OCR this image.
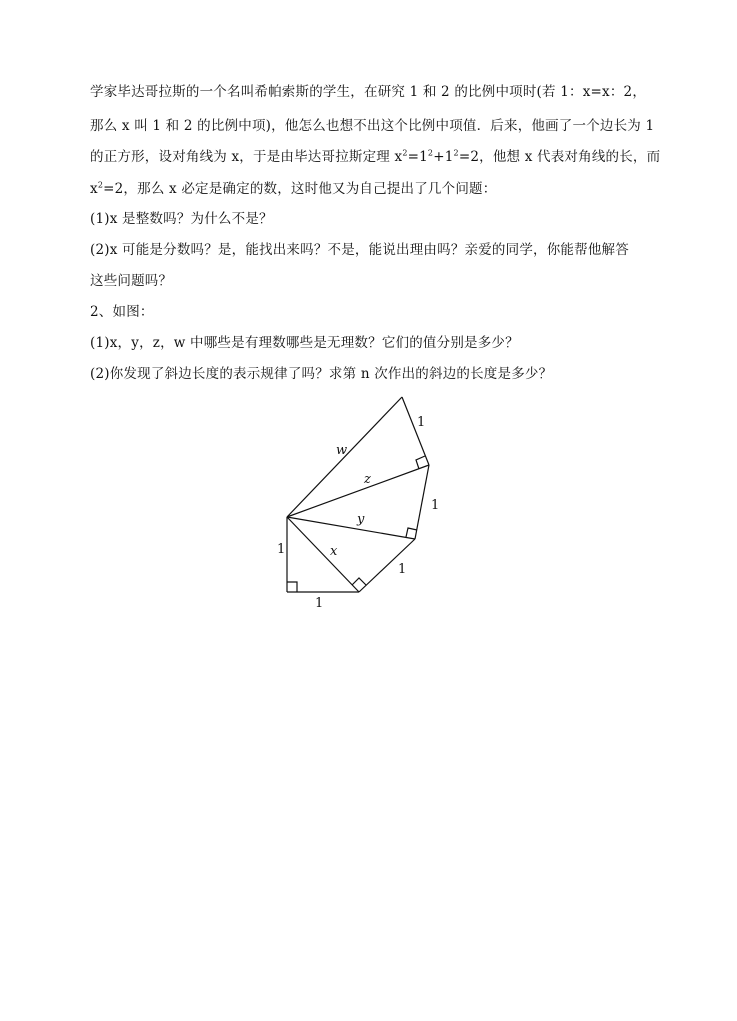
学家毕达哥拉斯的一个名叫希帕索斯的学生，在研究 1 和 2 的比例中项时(若 1：x=x：2，
那么 x 叫 1 和 2 的比例中项)，他怎么也想不出这个比例中项值．后来，他画了一个边长为 1
的正方形，设对角线为 x，于是由毕达哥拉斯定理 $x^2=1^2+1^2=2$，他想 x 代表对角线的长，而
$x^2=2$，那么 x 必定是确定的数，这时他又为自己提出了几个问题：
(1)x 是整数吗？为什么不是？
(2)x 可能是分数吗？是，能找出来吗？不是，能说出理由吗？亲爱的同学，你能帮他解答
这些问题吗？
2、如图：
(1)x，y，z，w 中哪些是有理数哪些是无理数？它们的值分别是多少？
(2)你发现了斜边长度的表示规律了吗？求第 n 次作出的斜边的长度是多少？
1
1
1
1
1
x
y
z
w
